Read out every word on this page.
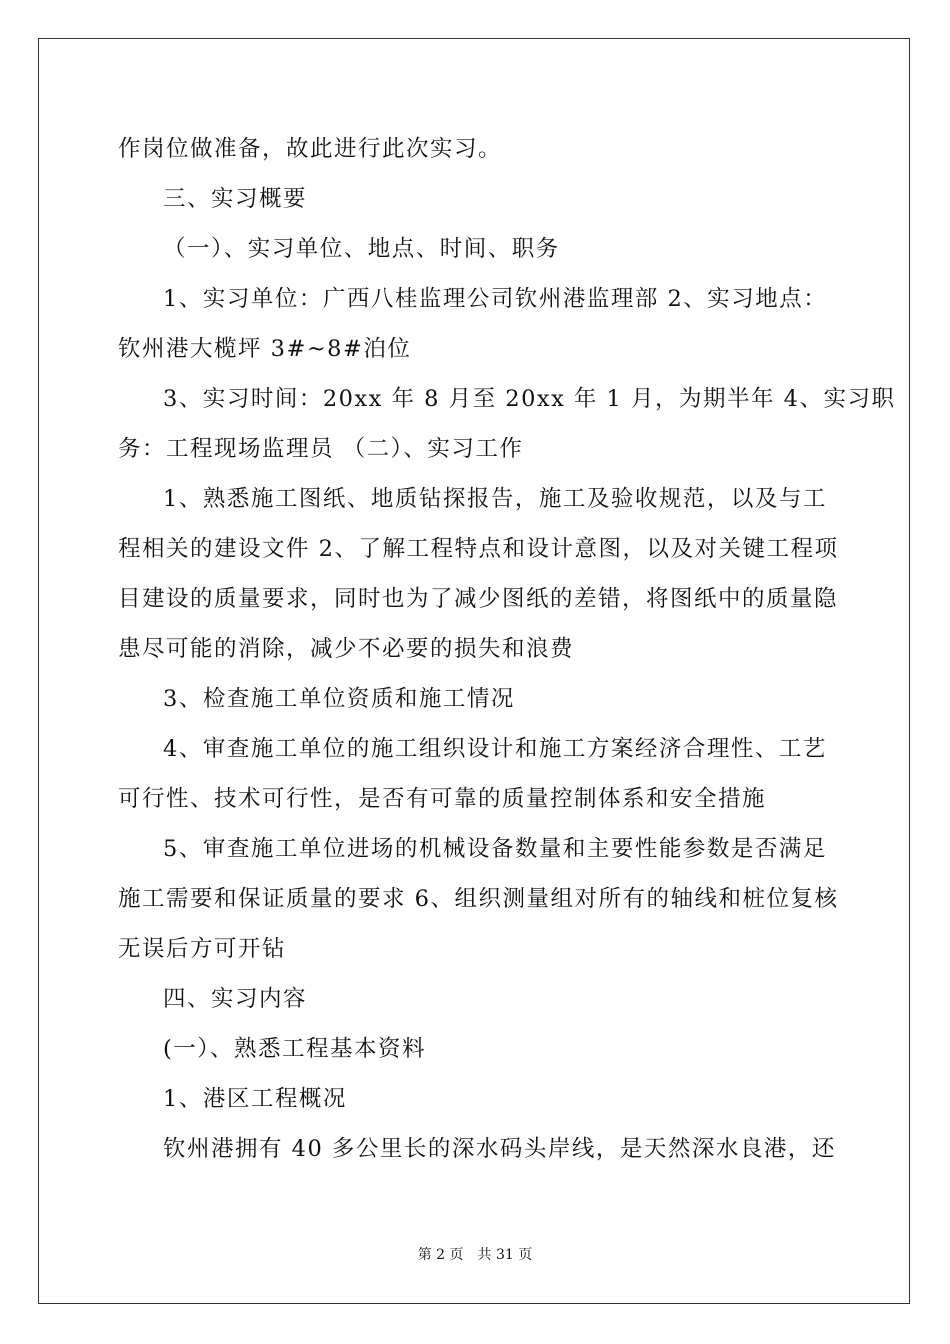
作岗位做准备，故此进行此次实习。
三、实习概要
（一）、实习单位、地点、时间、职务
1、实习单位：广西八桂监理公司钦州港监理部 2、实习地点：
钦州港大榄坪 3#~8#泊位
3、实习时间：20xx 年 8 月至 20xx 年 1 月，为期半年 4、实习职
务：工程现场监理员 （二）、实习工作
1、熟悉施工图纸、地质钻探报告，施工及验收规范，以及与工
程相关的建设文件 2、了解工程特点和设计意图，以及对关键工程项
目建设的质量要求，同时也为了减少图纸的差错，将图纸中的质量隐
患尽可能的消除，减少不必要的损失和浪费
3、检查施工单位资质和施工情况
4、审查施工单位的施工组织设计和施工方案经济合理性、工艺
可行性、技术可行性，是否有可靠的质量控制体系和安全措施
5、审查施工单位进场的机械设备数量和主要性能参数是否满足
施工需要和保证质量的要求 6、组织测量组对所有的轴线和桩位复核
无误后方可开钻
四、实习内容
(一）、熟悉工程基本资料
1、港区工程概况
钦州港拥有 40 多公里长的深水码头岸线，是天然深水良港，还
第 2 页　共 31 页
